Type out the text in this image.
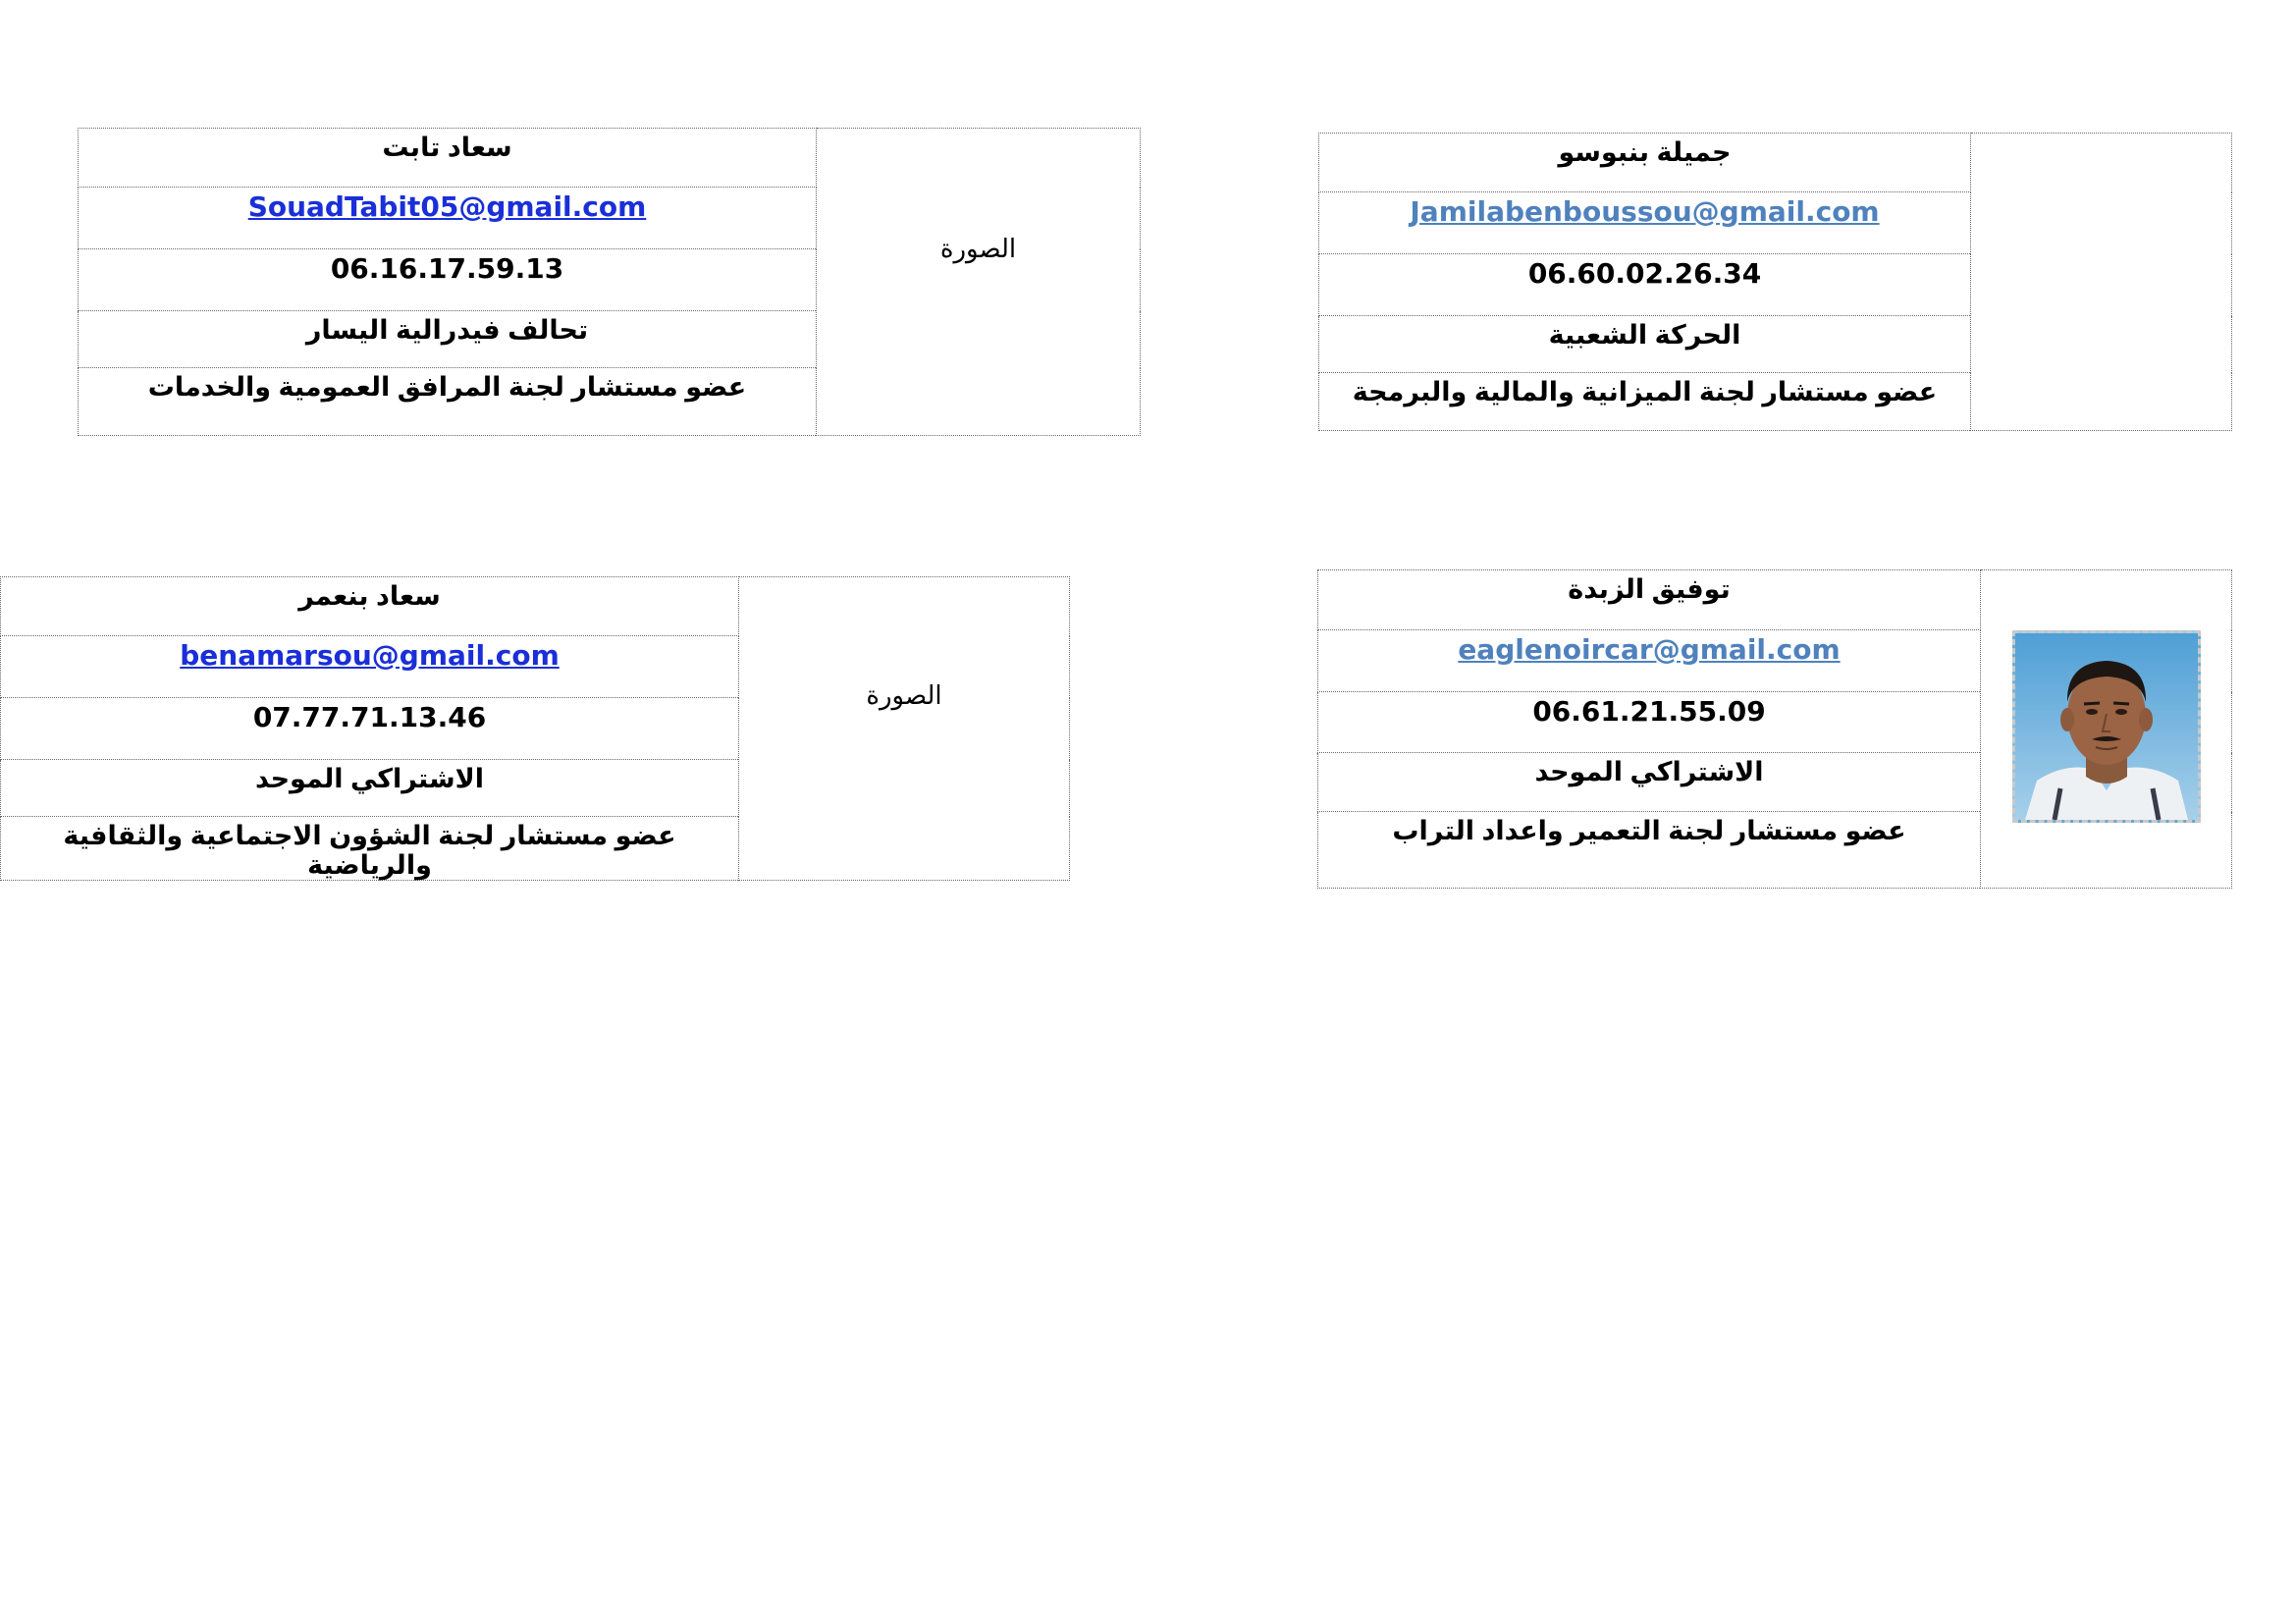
سعاد تابت
	الصورة

SouadTabit05@gmail.com

06.16.17.59.13

تحالف فيدرالية اليسار

عضو مستشار لجنة المرافق العمومية والخدمات
جميلة بنبوسو

Jamilabenboussou@gmail.com

06.60.02.26.34

الحركة الشعبية

عضو مستشار لجنة الميزانية والمالية والبرمجة
سعاد بنعمر
	الصورة

benamarsou@gmail.com

07.77.71.13.46

الاشتراكي الموحد

عضو مستشار لجنة الشؤون الاجتماعية والثقافية والرياضية
توفيق الزبدة

eaglenoircar@gmail.com

06.61.21.55.09

الاشتراكي الموحد

عضو مستشار لجنة التعمير واعداد التراب
